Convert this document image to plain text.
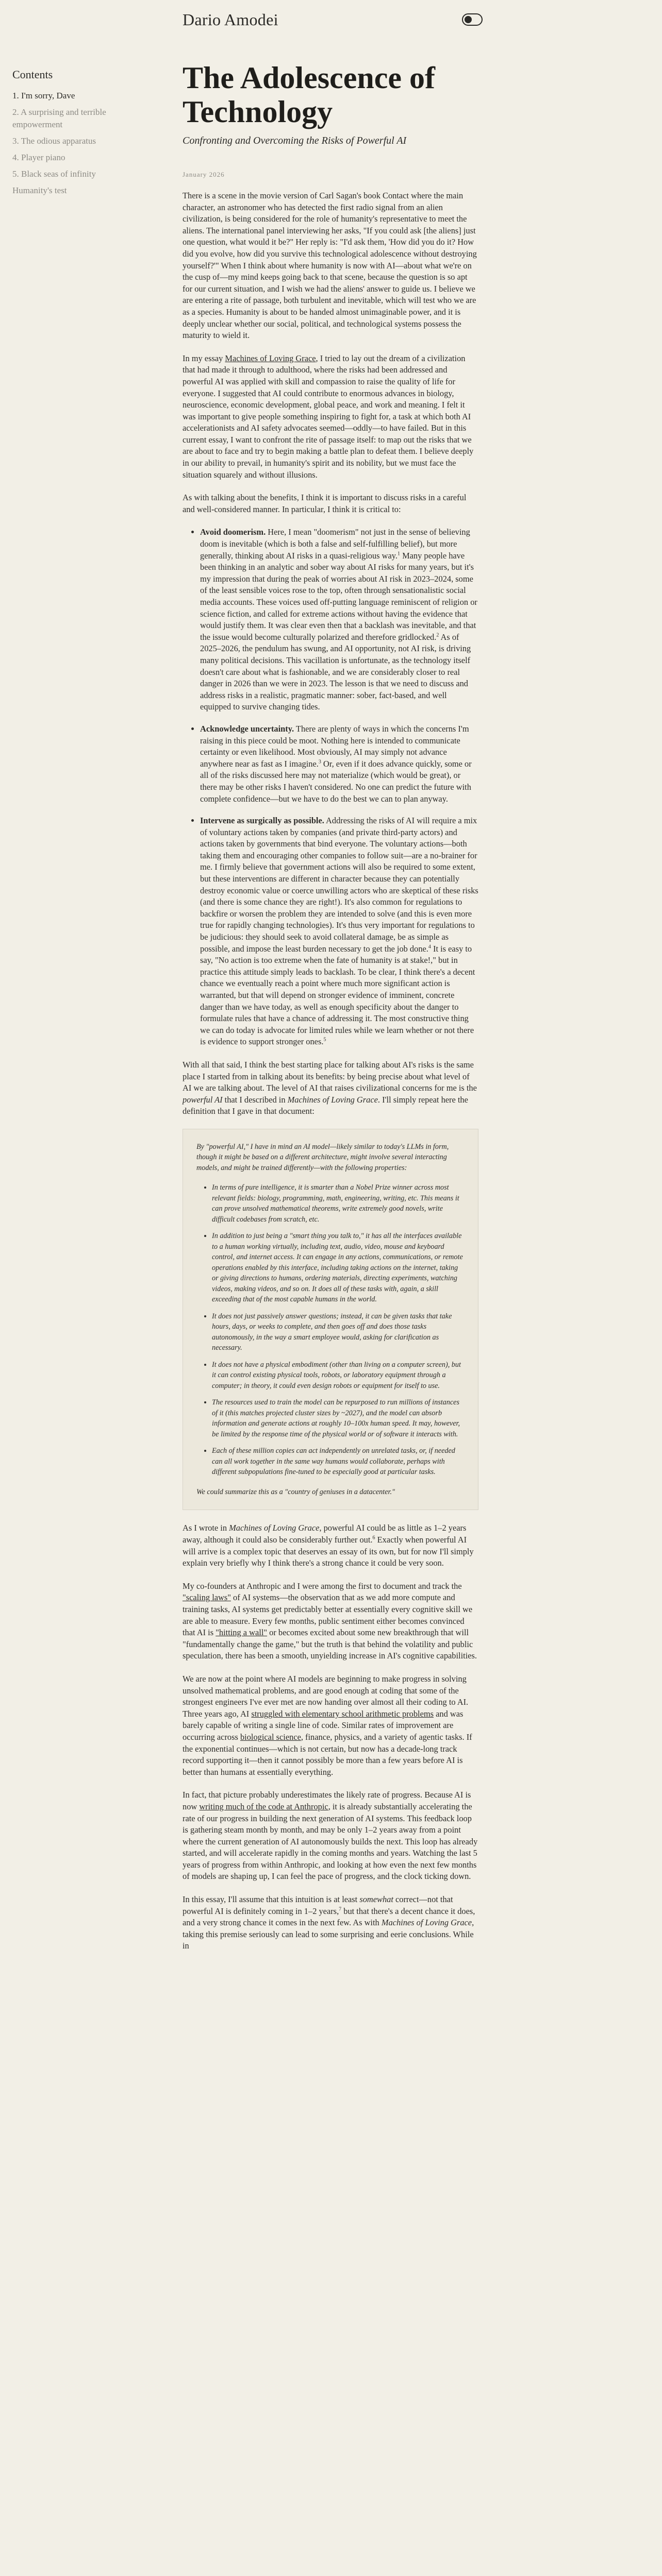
Dario Amodei
Contents
1. I'm sorry, Dave
2. A surprising and terrible empowerment
3. The odious apparatus
4. Player piano
5. Black seas of infinity
Humanity's test
The Adolescence of Technology

Confronting and Overcoming the Risks of Powerful AI

January 2026

There is a scene in the movie version of Carl Sagan's book Contact where the main character, an astronomer who has detected the first radio signal from an alien civilization, is being considered for the role of humanity's representative to meet the aliens. The international panel interviewing her asks, "If you could ask [the aliens] just one question, what would it be?" Her reply is: "I'd ask them, 'How did you do it? How did you evolve, how did you survive this technological adolescence without destroying yourself?'" When I think about where humanity is now with AI—about what we're on the cusp of—my mind keeps going back to that scene, because the question is so apt for our current situation, and I wish we had the aliens' answer to guide us. I believe we are entering a rite of passage, both turbulent and inevitable, which will test who we are as a species. Humanity is about to be handed almost unimaginable power, and it is deeply unclear whether our social, political, and technological systems possess the maturity to wield it.

In my essay Machines of Loving Grace, I tried to lay out the dream of a civilization that had made it through to adulthood, where the risks had been addressed and powerful AI was applied with skill and compassion to raise the quality of life for everyone. I suggested that AI could contribute to enormous advances in biology, neuroscience, economic development, global peace, and work and meaning. I felt it was important to give people something inspiring to fight for, a task at which both AI accelerationists and AI safety advocates seemed—oddly—to have failed. But in this current essay, I want to confront the rite of passage itself: to map out the risks that we are about to face and try to begin making a battle plan to defeat them. I believe deeply in our ability to prevail, in humanity's spirit and its nobility, but we must face the situation squarely and without illusions.

As with talking about the benefits, I think it is important to discuss risks in a careful and well-considered manner. In particular, I think it is critical to:

• Avoid doomerism. Here, I mean "doomerism" not just in the sense of believing doom is inevitable (which is both a false and self-fulfilling belief), but more generally, thinking about AI risks in a quasi-religious way.$^1$ Many people have been thinking in an analytic and sober way about AI risks for many years, but it's my impression that during the peak of worries about AI risk in 2023–2024, some of the least sensible voices rose to the top, often through sensationalistic social media accounts. These voices used off-putting language reminiscent of religion or science fiction, and called for extreme actions without having the evidence that would justify them. It was clear even then that a backlash was inevitable, and that the issue would become culturally polarized and therefore gridlocked.$^2$ As of 2025–2026, the pendulum has swung, and AI opportunity, not AI risk, is driving many political decisions. This vacillation is unfortunate, as the technology itself doesn't care about what is fashionable, and we are considerably closer to real danger in 2026 than we were in 2023. The lesson is that we need to discuss and address risks in a realistic, pragmatic manner: sober, fact-based, and well equipped to survive changing tides.
• Acknowledge uncertainty. There are plenty of ways in which the concerns I'm raising in this piece could be moot. Nothing here is intended to communicate certainty or even likelihood. Most obviously, AI may simply not advance anywhere near as fast as I imagine.$^3$ Or, even if it does advance quickly, some or all of the risks discussed here may not materialize (which would be great), or there may be other risks I haven't considered. No one can predict the future with complete confidence—but we have to do the best we can to plan anyway.
• Intervene as surgically as possible. Addressing the risks of AI will require a mix of voluntary actions taken by companies (and private third-party actors) and actions taken by governments that bind everyone. The voluntary actions—both taking them and encouraging other companies to follow suit—are a no-brainer for me. I firmly believe that government actions will also be required to some extent, but these interventions are different in character because they can potentially destroy economic value or coerce unwilling actors who are skeptical of these risks (and there is some chance they are right!). It's also common for regulations to backfire or worsen the problem they are intended to solve (and this is even more true for rapidly changing technologies). It's thus very important for regulations to be judicious: they should seek to avoid collateral damage, be as simple as possible, and impose the least burden necessary to get the job done.$^4$ It is easy to say, "No action is too extreme when the fate of humanity is at stake!," but in practice this attitude simply leads to backlash. To be clear, I think there's a decent chance we eventually reach a point where much more significant action is warranted, but that will depend on stronger evidence of imminent, concrete danger than we have today, as well as enough specificity about the danger to formulate rules that have a chance of addressing it. The most constructive thing we can do today is advocate for limited rules while we learn whether or not there is evidence to support stronger ones.$^5$

With all that said, I think the best starting place for talking about AI's risks is the same place I started from in talking about its benefits: by being precise about what level of AI we are talking about. The level of AI that raises civilizational concerns for me is the powerful AI that I described in Machines of Loving Grace. I'll simply repeat here the definition that I gave in that document:

By "powerful AI," I have in mind an AI model—likely similar to today's LLMs in form, though it might be based on a different architecture, might involve several interacting models, and might be trained differently—with the following properties:

• In terms of pure intelligence, it is smarter than a Nobel Prize winner across most relevant fields: biology, programming, math, engineering, writing, etc. This means it can prove unsolved mathematical theorems, write extremely good novels, write difficult codebases from scratch, etc.
• In addition to just being a "smart thing you talk to," it has all the interfaces available to a human working virtually, including text, audio, video, mouse and keyboard control, and internet access. It can engage in any actions, communications, or remote operations enabled by this interface, including taking actions on the internet, taking or giving directions to humans, ordering materials, directing experiments, watching videos, making videos, and so on. It does all of these tasks with, again, a skill exceeding that of the most capable humans in the world.
• It does not just passively answer questions; instead, it can be given tasks that take hours, days, or weeks to complete, and then goes off and does those tasks autonomously, in the way a smart employee would, asking for clarification as necessary.
• It does not have a physical embodiment (other than living on a computer screen), but it can control existing physical tools, robots, or laboratory equipment through a computer; in theory, it could even design robots or equipment for itself to use.
• The resources used to train the model can be repurposed to run millions of instances of it (this matches projected cluster sizes by ~2027), and the model can absorb information and generate actions at roughly 10–100x human speed. It may, however, be limited by the response time of the physical world or of software it interacts with.
• Each of these million copies can act independently on unrelated tasks, or, if needed can all work together in the same way humans would collaborate, perhaps with different subpopulations fine-tuned to be especially good at particular tasks.

We could summarize this as a "country of geniuses in a datacenter."

As I wrote in Machines of Loving Grace, powerful AI could be as little as 1–2 years away, although it could also be considerably further out.$^6$ Exactly when powerful AI will arrive is a complex topic that deserves an essay of its own, but for now I'll simply explain very briefly why I think there's a strong chance it could be very soon.

My co-founders at Anthropic and I were among the first to document and track the "scaling laws" of AI systems—the observation that as we add more compute and training tasks, AI systems get predictably better at essentially every cognitive skill we are able to measure. Every few months, public sentiment either becomes convinced that AI is "hitting a wall" or becomes excited about some new breakthrough that will "fundamentally change the game," but the truth is that behind the volatility and public speculation, there has been a smooth, unyielding increase in AI's cognitive capabilities.

We are now at the point where AI models are beginning to make progress in solving unsolved mathematical problems, and are good enough at coding that some of the strongest engineers I've ever met are now handing over almost all their coding to AI. Three years ago, AI struggled with elementary school arithmetic problems and was barely capable of writing a single line of code. Similar rates of improvement are occurring across biological science, finance, physics, and a variety of agentic tasks. If the exponential continues—which is not certain, but now has a decade-long track record supporting it—then it cannot possibly be more than a few years before AI is better than humans at essentially everything.

In fact, that picture probably underestimates the likely rate of progress. Because AI is now writing much of the code at Anthropic, it is already substantially accelerating the rate of our progress in building the next generation of AI systems. This feedback loop is gathering steam month by month, and may be only 1–2 years away from a point where the current generation of AI autonomously builds the next. This loop has already started, and will accelerate rapidly in the coming months and years. Watching the last 5 years of progress from within Anthropic, and looking at how even the next few months of models are shaping up, I can feel the pace of progress, and the clock ticking down.

In this essay, I'll assume that this intuition is at least somewhat correct—not that powerful AI is definitely coming in 1–2 years,$^7$ but that there's a decent chance it does, and a very strong chance it comes in the next few. As with Machines of Loving Grace, taking this premise seriously can lead to some surprising and eerie conclusions. While in
